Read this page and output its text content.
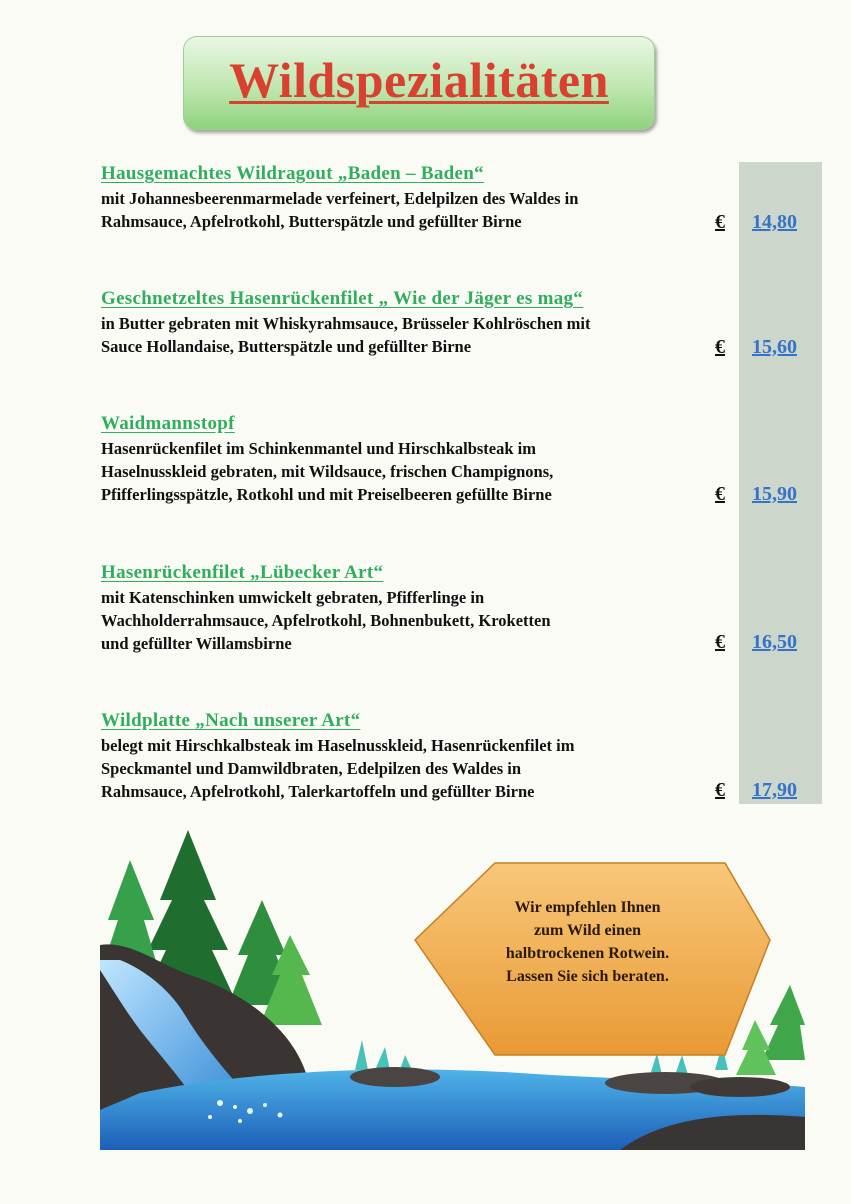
Wildspezialitäten
Hausgemachtes Wildragout „Baden – Baden“
mit Johannesbeerenmarmelade verfeinert, Edelpilzen des Waldes in
Rahmsauce, Apfelrotkohl, Butterspätzle und gefüllter Birne	€ 14,80
Geschnetzeltes Hasenrückenfilet „ Wie der Jäger es mag“
in Butter gebraten mit Whiskyrahmsauce, Brüsseler Kohlröschen mit
Sauce Hollandaise, Butterspätzle und gefüllter Birne	€ 15,60
Waidmannstopf
Hasenrückenfilet im Schinkenmantel und Hirschkalbsteak im
Haselnusskleid gebraten, mit Wildsauce, frischen Champignons,
Pfifferlingsspätzle, Rotkohl und mit Preiselbeeren gefüllte Birne	€ 15,90
Hasenrückenfilet „Lübecker Art“
mit Katenschinken umwickelt gebraten, Pfifferlinge in
Wachholderrahmsauce, Apfelrotkohl, Bohnenbukett, Kroketten
und gefüllter Willamsbirne	€ 16,50
Wildplatte „Nach unserer Art“
belegt mit Hirschkalbsteak im Haselnusskleid, Hasenrückenfilet im
Speckmantel und Damwildbraten, Edelpilzen des Waldes in
Rahmsauce, Apfelrotkohl, Talerkartoffeln und gefüllter Birne	€ 17,90
Wir empfehlen Ihnen
zum Wild einen
halbtrockenen Rotwein.
Lassen Sie sich beraten.
